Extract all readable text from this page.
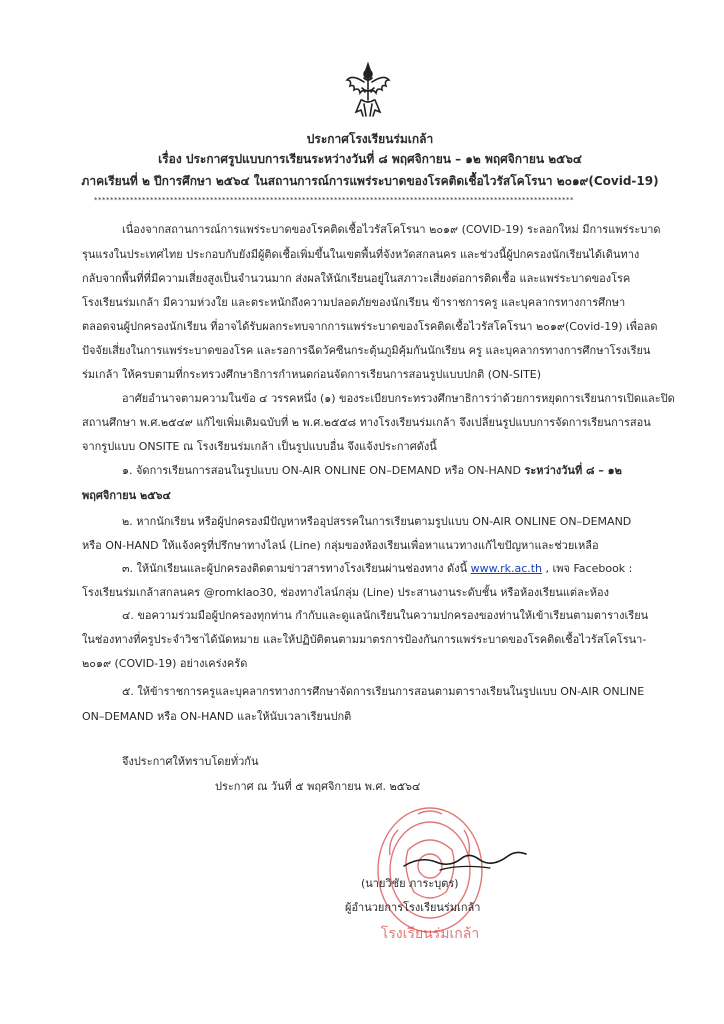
ประกาศโรงเรียนร่มเกล้า
เรื่อง ประกาศรูปแบบการเรียนระหว่างวันที่ ๘ พฤศจิกายน – ๑๒ พฤศจิกายน ๒๕๖๔
ภาคเรียนที่ ๒ ปีการศึกษา ๒๕๖๔ ในสถานการณ์การแพร่ระบาดของโรคติดเชื้อไวรัสโคโรนา ๒๐๑๙(Covid-19)
************************************************************************************************************************
เนื่องจากสถานการณ์การแพร่ระบาดของโรคติดเชื้อไวรัสโคโรนา ๒๐๑๙ (COVID-19) ระลอกใหม่ มีการแพร่ระบาด
รุนแรงในประเทศไทย ประกอบกับยังมีผู้ติดเชื้อเพิ่มขึ้นในเขตพื้นที่จังหวัดสกลนคร และช่วงนี้ผู้ปกครองนักเรียนได้เดินทาง
กลับจากพื้นที่ที่มีความเสี่ยงสูงเป็นจำนวนมาก ส่งผลให้นักเรียนอยู่ในสภาวะเสี่ยงต่อการติดเชื้อ และแพร่ระบาดของโรค
โรงเรียนร่มเกล้า มีความห่วงใย และตระหนักถึงความปลอดภัยของนักเรียน ข้าราชการครู และบุคลากรทางการศึกษา
ตลอดจนผู้ปกครองนักเรียน ที่อาจได้รับผลกระทบจากการแพร่ระบาดของโรคติดเชื้อไวรัสโคโรนา ๒๐๑๙(Covid-19) เพื่อลด
ปัจจัยเสี่ยงในการแพร่ระบาดของโรค และรอการฉีดวัคซีนกระตุ้นภูมิคุ้มกันนักเรียน ครู และบุคลากรทางการศึกษาโรงเรียน
ร่มเกล้า ให้ครบตามที่กระทรวงศึกษาธิการกำหนดก่อนจัดการเรียนการสอนรูปแบบปกติ (ON-SITE)
อาศัยอำนาจตามความในข้อ ๔ วรรคหนึ่ง (๑) ของระเบียบกระทรวงศึกษาธิการว่าด้วยการหยุดการเรียนการเปิดและปิด
สถานศึกษา พ.ศ.๒๕๔๙ แก้ไขเพิ่มเติมฉบับที่ ๒ พ.ศ.๒๕๕๘ ทางโรงเรียนร่มเกล้า จึงเปลี่ยนรูปแบบการจัดการเรียนการสอน
จากรูปแบบ ONSITE ณ โรงเรียนร่มเกล้า เป็นรูปแบบอื่น จึงแจ้งประกาศดังนี้
๑. จัดการเรียนการสอนในรูปแบบ ON-AIR ONLINE ON–DEMAND หรือ ON-HAND ระหว่างวันที่ ๘ – ๑๒
พฤศจิกายน ๒๕๖๔
๒. หากนักเรียน หรือผู้ปกครองมีปัญหาหรืออุปสรรคในการเรียนตามรูปแบบ ON-AIR ONLINE ON–DEMAND
หรือ ON-HAND ให้แจ้งครูที่ปรึกษาทางไลน์ (Line) กลุ่มของห้องเรียนเพื่อหาแนวทางแก้ไขปัญหาและช่วยเหลือ
๓. ให้นักเรียนและผู้ปกครองติดตามข่าวสารทางโรงเรียนผ่านช่องทาง ดังนี้ www.rk.ac.th , เพจ Facebook :
โรงเรียนร่มเกล้าสกลนคร @romklao30, ช่องทางไลน์กลุ่ม (Line) ประสานงานระดับชั้น หรือห้องเรียนแต่ละห้อง
๔. ขอความร่วมมือผู้ปกครองทุกท่าน กำกับและดูแลนักเรียนในความปกครองของท่านให้เข้าเรียนตามตารางเรียน
ในช่องทางที่ครูประจำวิชาได้นัดหมาย และให้ปฏิบัติตนตามมาตรการป้องกันการแพร่ระบาดของโรคติดเชื้อไวรัสโคโรนา-
๒๐๑๙ (COVID-19) อย่างเคร่งครัด
๕. ให้ข้าราชการครูและบุคลากรทางการศึกษาจัดการเรียนการสอนตามตารางเรียนในรูปแบบ ON-AIR ONLINE
ON–DEMAND หรือ ON-HAND และให้นับเวลาเรียนปกติ
จึงประกาศให้ทราบโดยทั่วกัน
ประกาศ ณ วันที่ ๕ พฤศจิกายน พ.ศ. ๒๕๖๔
โรงเรียนร่มเกล้า
(นายวิชัย ภาระบุตร)
ผู้อำนวยการโรงเรียนร่มเกล้า
